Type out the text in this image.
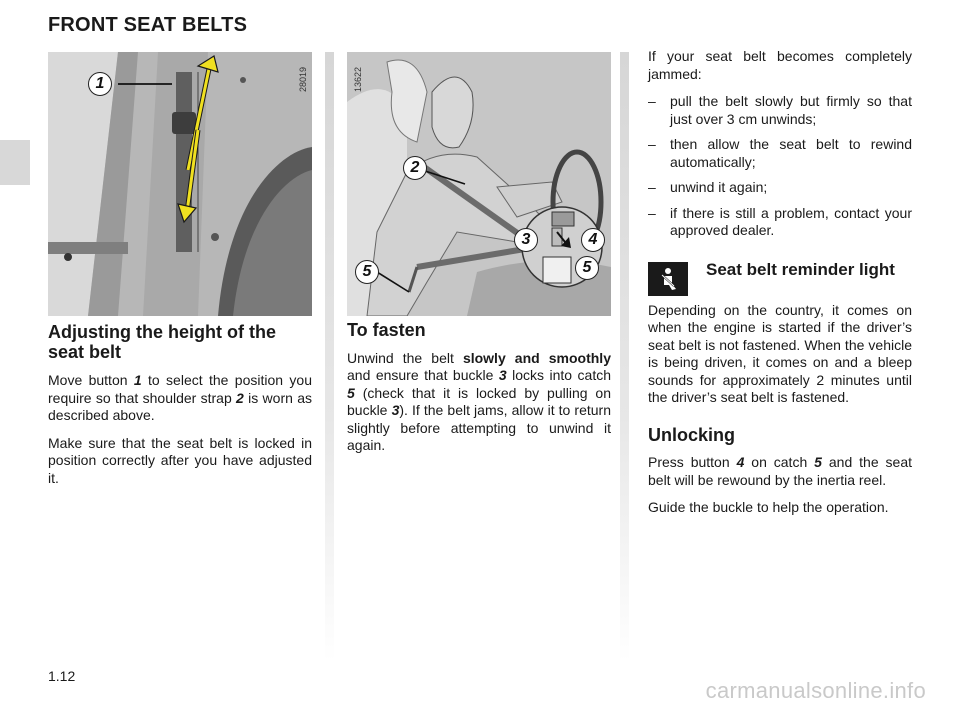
FRONT SEAT BELTS
1	28019
2
3	4
5
5
13622
Adjusting the height of the seat belt

Move button 1 to select the position you require so that shoulder strap 2 is worn as described above.

Make sure that the seat belt is locked in position correctly after you have adjusted it.

To fasten

Unwind the belt slowly and smoothly and ensure that buckle 3 locks into catch 5 (check that it is locked by pulling on buckle 3). If the belt jams, allow it to return slightly before attempting to unwind it again.

If your seat belt becomes completely jammed:

– pull the belt slowly but firmly so that just over 3 cm unwinds;
– then allow the seat belt to rewind automatically;
– unwind it again;
– if there is still a problem, contact your approved dealer.
Seat belt reminder light

Depending on the country, it comes on when the engine is started if the driver’s seat belt is not fastened. When the vehicle is being driven, it comes on and a bleep sounds for approximately 2 minutes until the driver’s seat belt is fastened.

Unlocking

Press button 4 on catch 5 and the seat belt will be rewound by the inertia reel.

Guide the buckle to help the operation.

1.12
carmanualsonline.info
